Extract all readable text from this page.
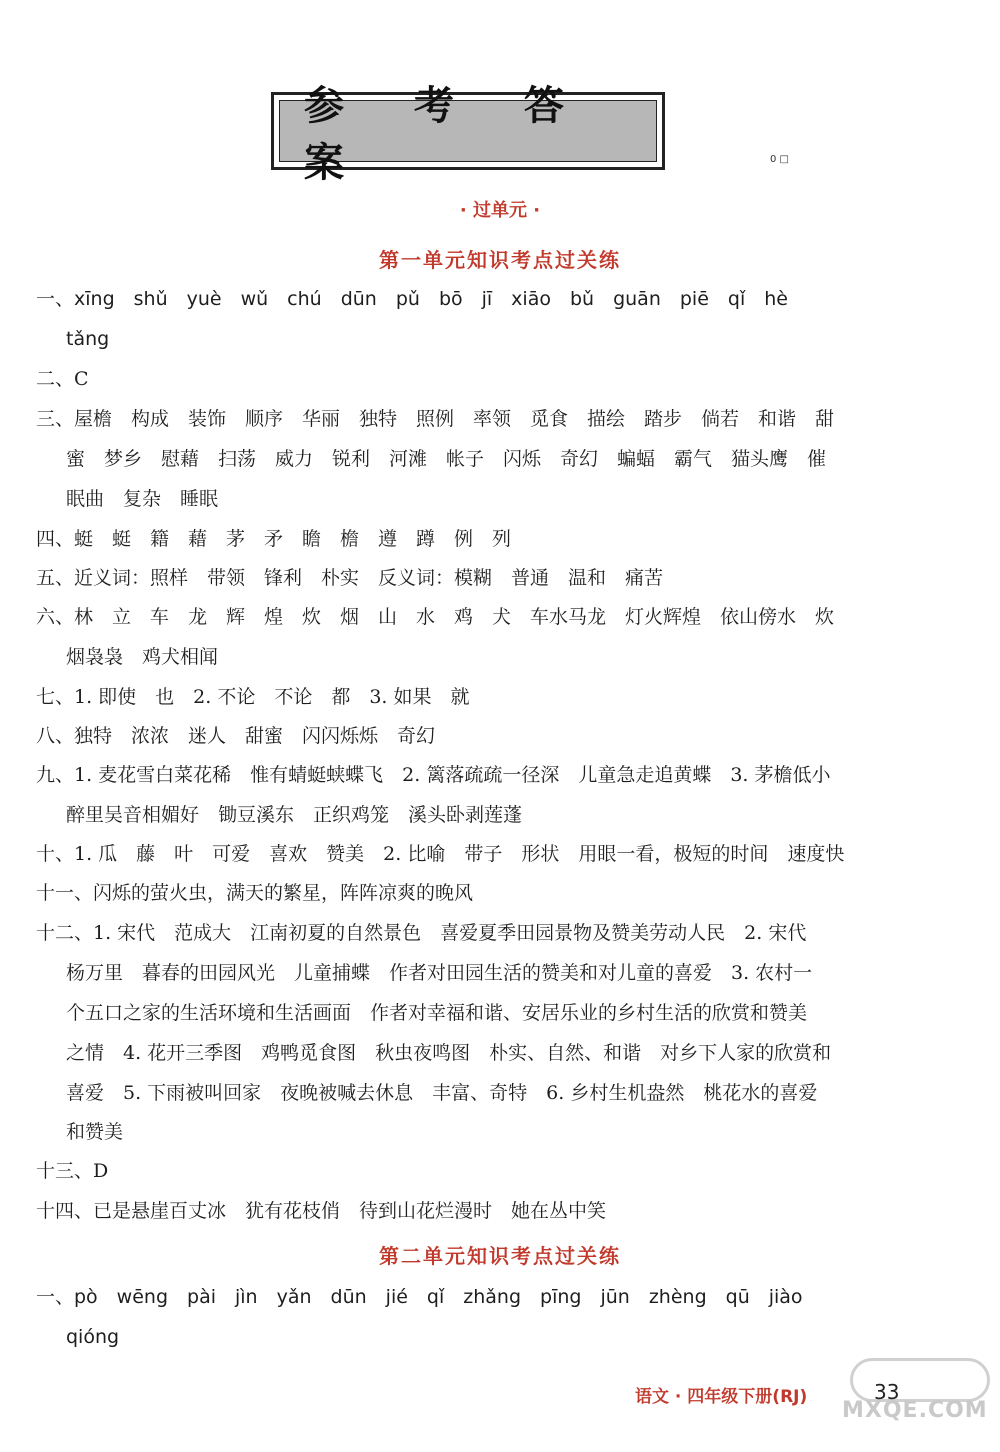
参 考 答 案	0 □
· 过单元 ·
第一单元知识考点过关练
一、xīng　shǔ　yuè　wǔ　chú　dūn　pǔ　bō　jī　xiāo　bǔ　guān　piē　qǐ　hè
tǎng
二、C
三、屋檐　构成　装饰　顺序　华丽　独特　照例　率领　觅食　描绘　踏步　倘若　和谐　甜
蜜　梦乡　慰藉　扫荡　威力　锐利　河滩　帐子　闪烁　奇幻　蝙蝠　霸气　猫头鹰　催
眠曲　复杂　睡眠
四、蜓　蜓　籍　藉　茅　矛　瞻　檐　遵　蹲　例　列
五、近义词：照样　带领　锋利　朴实　反义词：模糊　普通　温和　痛苦
六、林　立　车　龙　辉　煌　炊　烟　山　水　鸡　犬　车水马龙　灯火辉煌　依山傍水　炊
烟袅袅　鸡犬相闻
七、1. 即使　也　2. 不论　不论　都　3. 如果　就
八、独特　浓浓　迷人　甜蜜　闪闪烁烁　奇幻
九、1. 麦花雪白菜花稀　惟有蜻蜓蛱蝶飞　2. 篱落疏疏一径深　儿童急走追黄蝶　3. 茅檐低小
醉里吴音相媚好　锄豆溪东　正织鸡笼　溪头卧剥莲蓬
十、1. 瓜　藤　叶　可爱　喜欢　赞美　2. 比喻　带子　形状　用眼一看，极短的时间　速度快
十一、闪烁的萤火虫，满天的繁星，阵阵凉爽的晚风
十二、1. 宋代　范成大　江南初夏的自然景色　喜爱夏季田园景物及赞美劳动人民　2. 宋代
杨万里　暮春的田园风光　儿童捕蝶　作者对田园生活的赞美和对儿童的喜爱　3. 农村一
个五口之家的生活环境和生活画面　作者对幸福和谐、安居乐业的乡村生活的欣赏和赞美
之情　4. 花开三季图　鸡鸭觅食图　秋虫夜鸣图　朴实、自然、和谐　对乡下人家的欣赏和
喜爱　5. 下雨被叫回家　夜晚被喊去休息　丰富、奇特　6. 乡村生机盎然　桃花水的喜爱
和赞美
十三、D
十四、已是悬崖百丈冰　犹有花枝俏　待到山花烂漫时　她在丛中笑
第二单元知识考点过关练
一、pò　wēng　pài　jìn　yǎn　dūn　jié　qǐ　zhǎng　pīng　jūn　zhèng　qū　jiào
qióng
语文 · 四年级下册(RJ)	33
MXQE.COM
